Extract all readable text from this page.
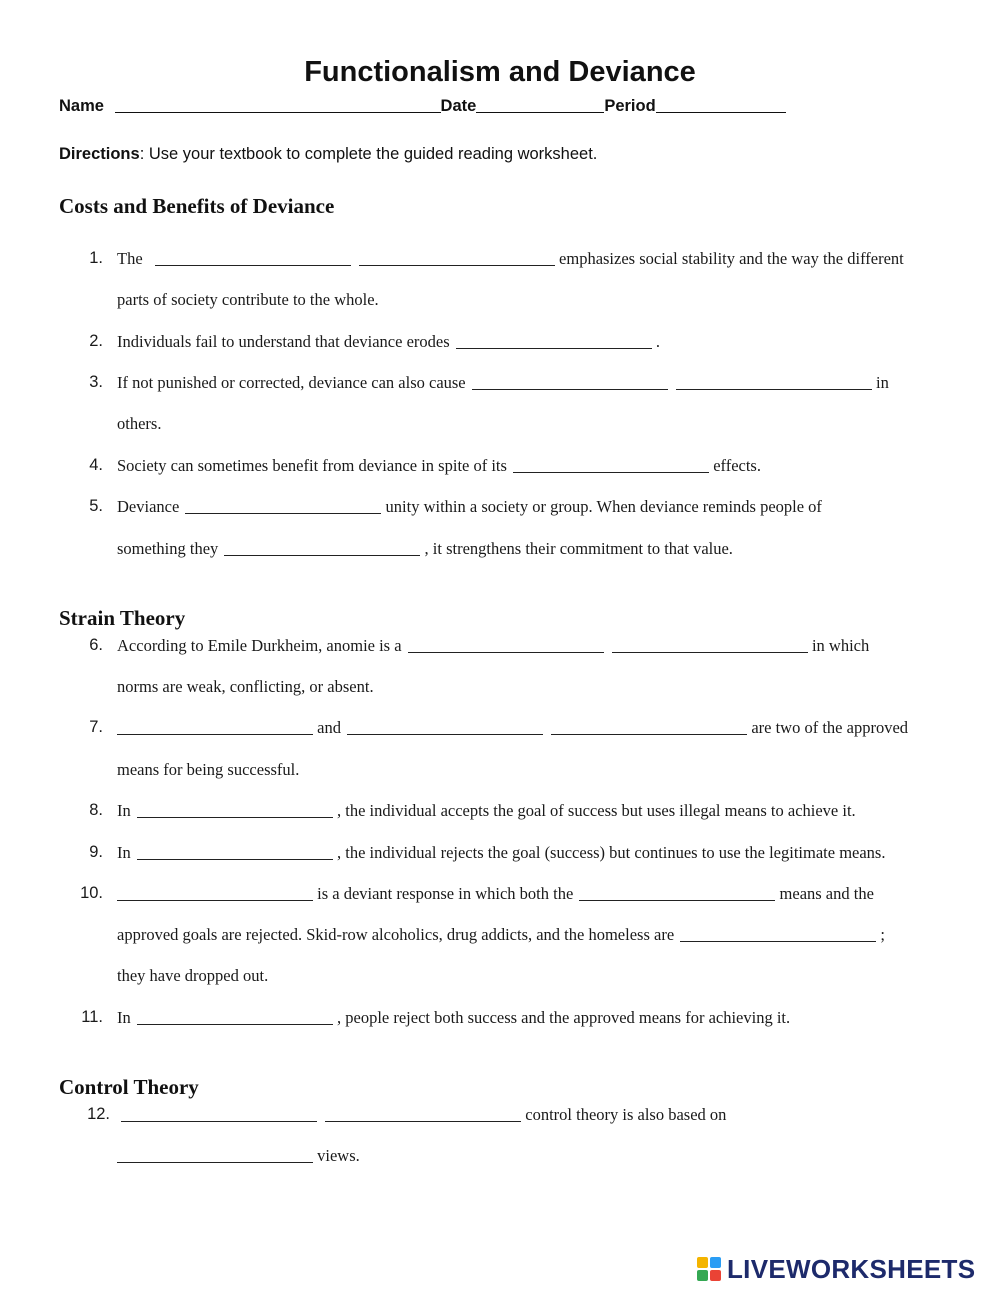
Functionalism and Deviance
Name	Date	Period
Directions: Use your textbook to complete the guided reading worksheet.
Costs and Benefits of Deviance
1. The	emphasizes social stability and the way the different
parts of society contribute to the whole.
2. Individuals fail to understand that deviance erodes	.
3. If not punished or corrected, deviance can also cause	in
others.
4. Society can sometimes benefit from deviance in spite of its	effects.
5. Deviance	unity within a society or group. When deviance reminds people of
something they	, it strengthens their commitment to that value.
Strain Theory
6. According to Emile Durkheim, anomie is a	in which
norms are weak, conflicting, or absent.
7.	and	are two of the approved
means for being successful.
8. In	, the individual accepts the goal of success but uses illegal means to achieve it.
9. In	, the individual rejects the goal (success) but continues to use the legitimate means.
10.	is a deviant response in which both the	means and the
approved goals are rejected. Skid-row alcoholics, drug addicts, and the homeless are	;
they have dropped out.
11. In	, people reject both success and the approved means for achieving it.
Control Theory
12.	control theory is also based on
views.
LIVEWORKSHEETS
